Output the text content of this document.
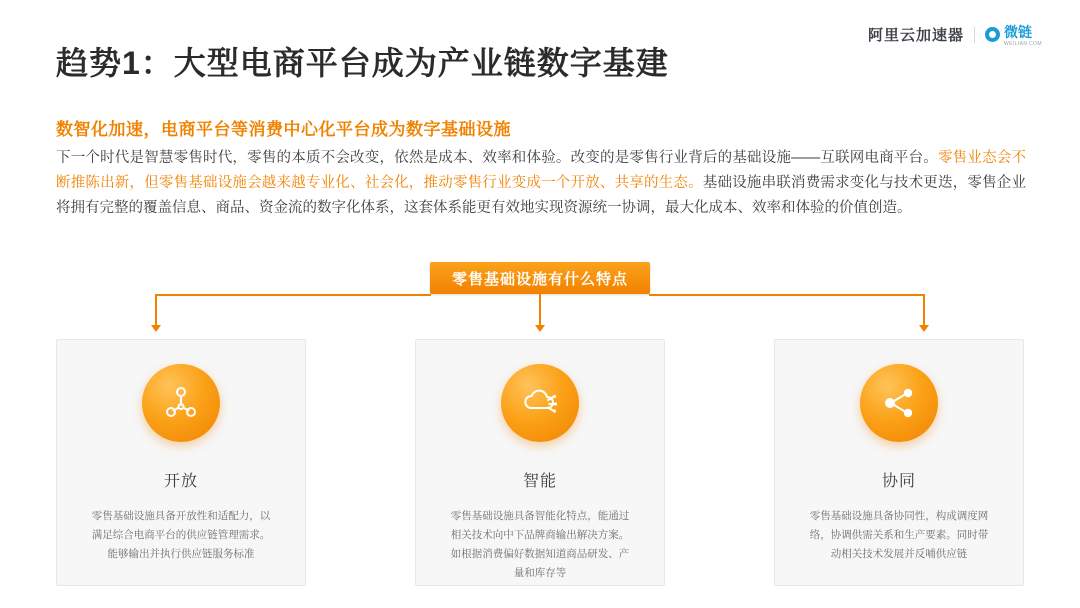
阿里云加速器	微链
WEILIAN.COM
趋势1：大型电商平台成为产业链数字基建
数智化加速，电商平台等消费中心化平台成为数字基础设施
下一个时代是智慧零售时代，零售的本质不会改变，依然是成本、效率和体验。改变的是零售行业背后的基础设施——互联网电商平台。零售业态会不断推陈出新，但零售基础设施会越来越专业化、社会化，推动零售行业变成一个开放、共享的生态。基础设施串联消费需求变化与技术更迭，零售企业将拥有完整的覆盖信息、商品、资金流的数字化体系，这套体系能更有效地实现资源统一协调，最大化成本、效率和体验的价值创造。
零售基础设施有什么特点
开放
零售基础设施具备开放性和适配力，以满足综合电商平台的供应链管理需求。能够输出并执行供应链服务标准
智能
零售基础设施具备智能化特点，能通过相关技术向中下品牌商输出解决方案。如根据消费偏好数据知道商品研发、产量和库存等
协同
零售基础设施具备协同性，构成调度网络，协调供需关系和生产要素。同时带动相关技术发展并反哺供应链
